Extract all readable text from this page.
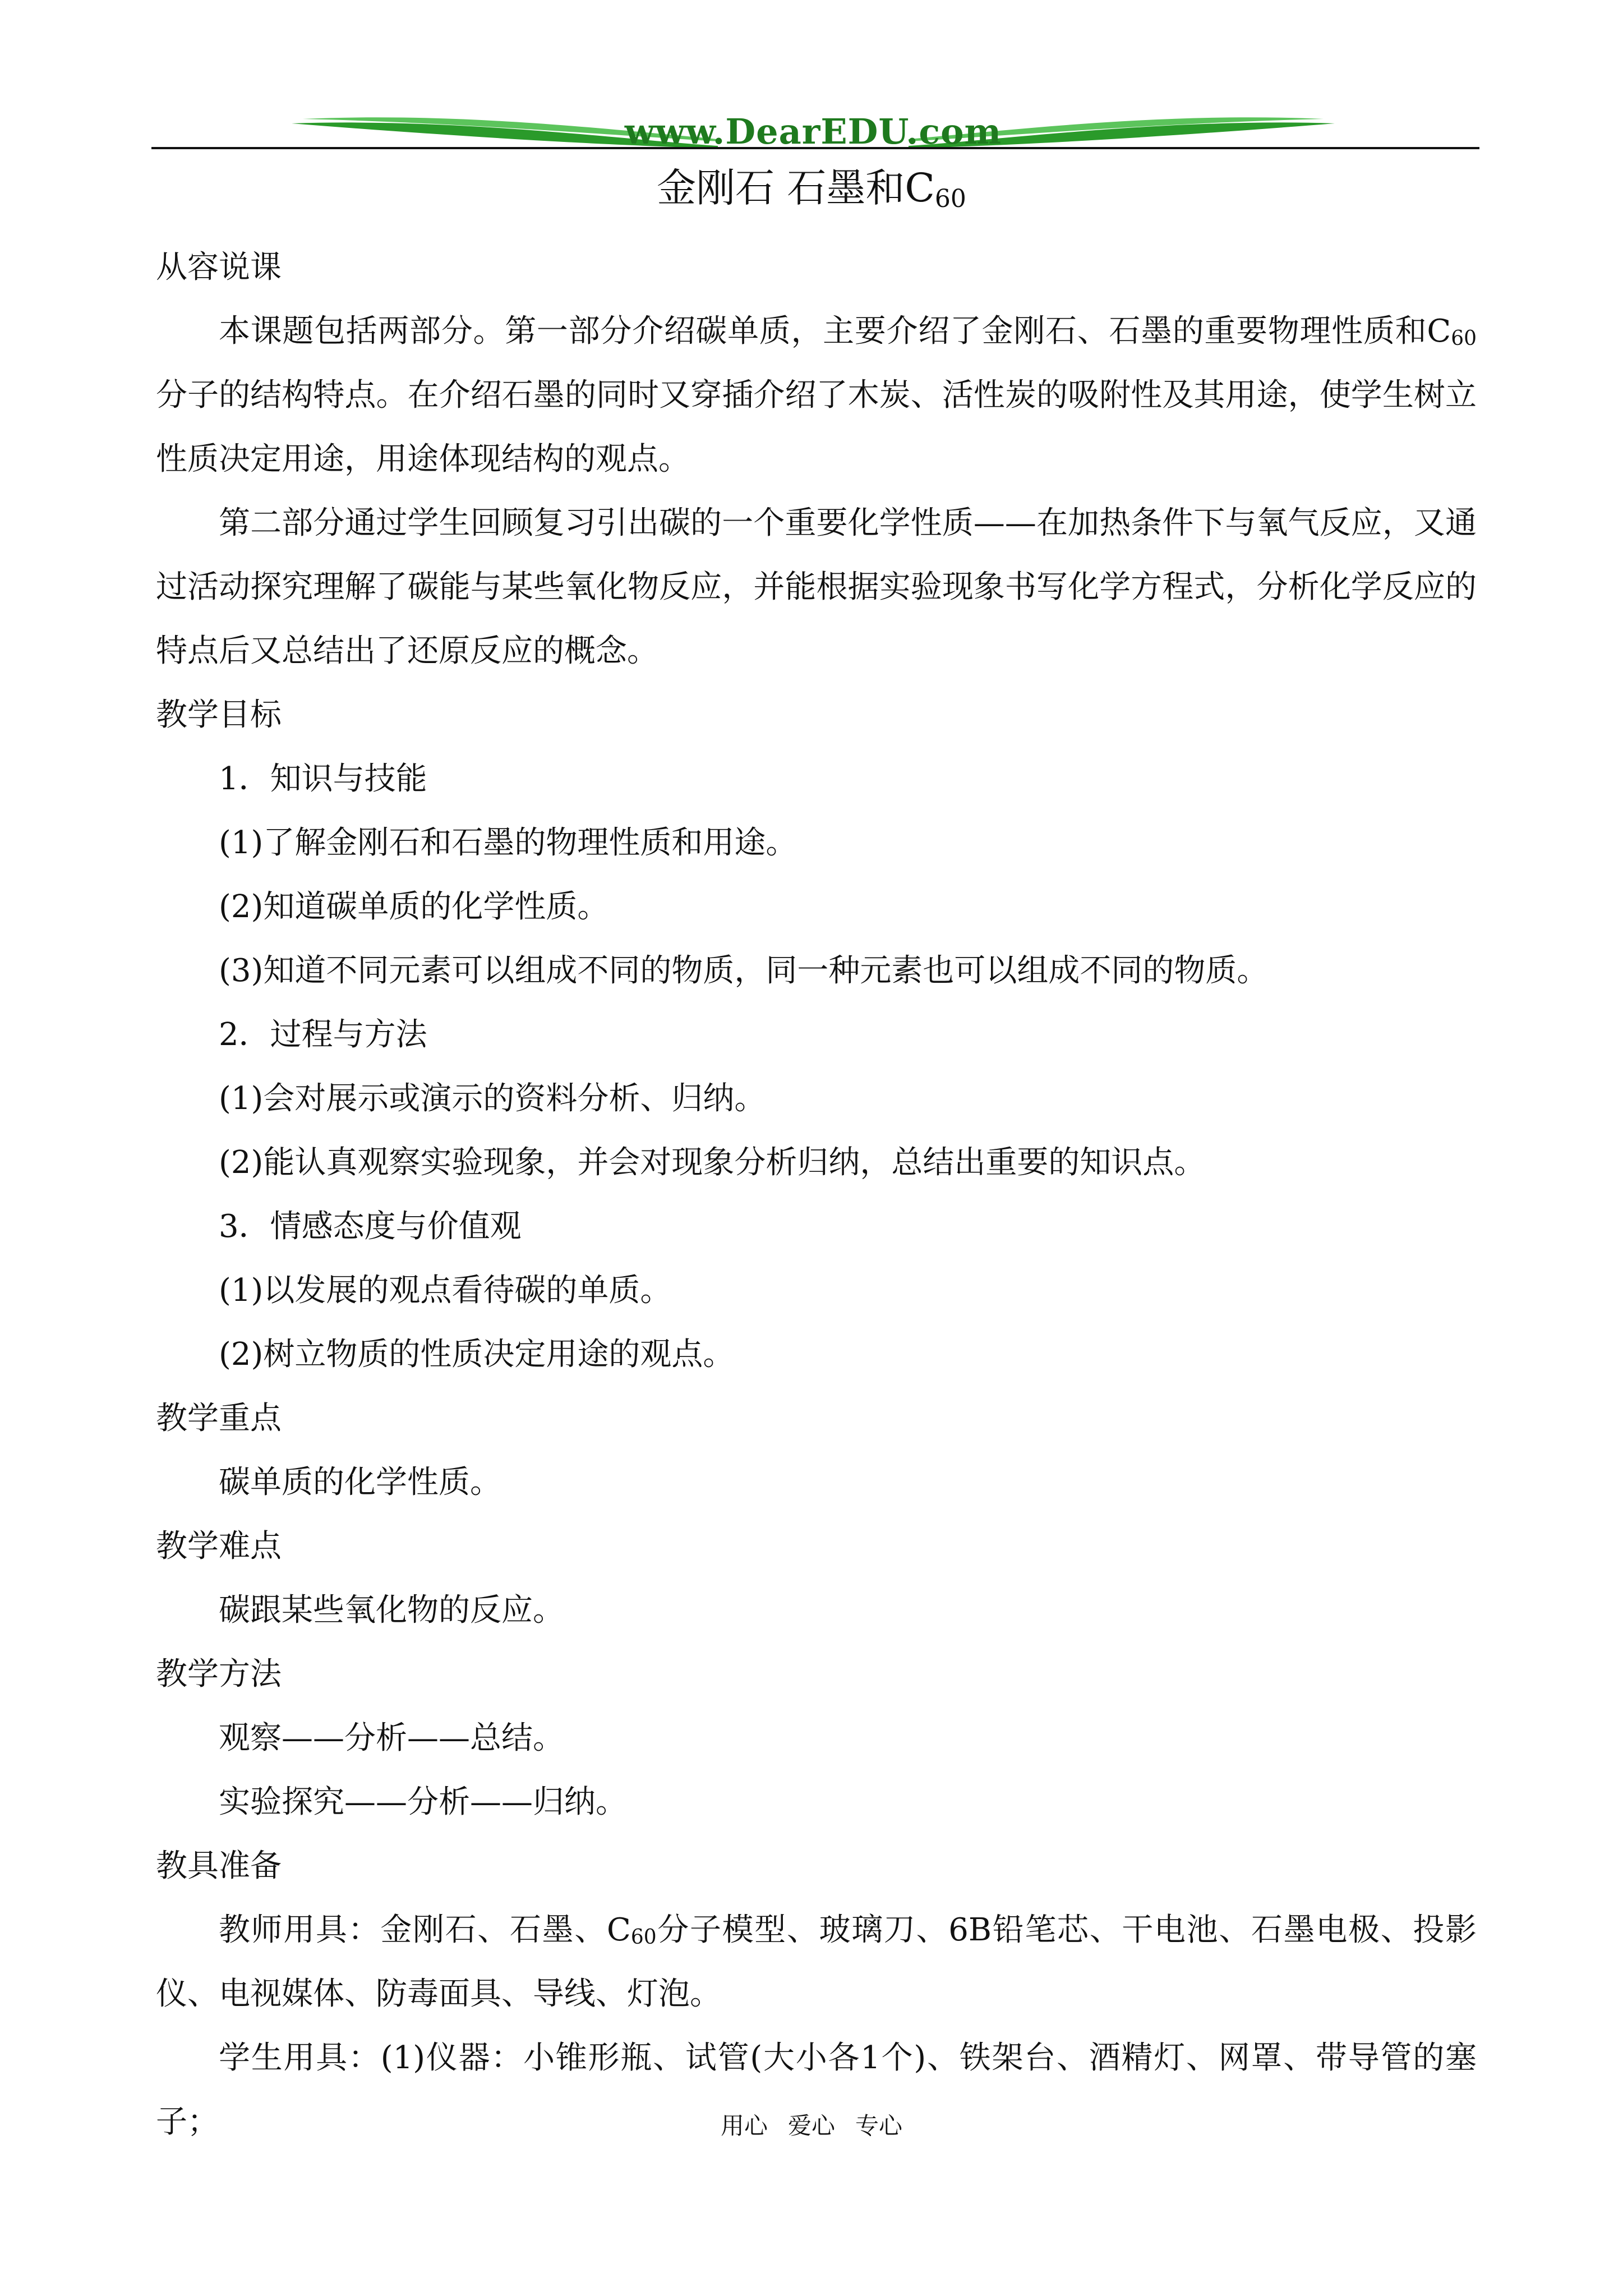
www.DearEDU.com
金刚石 石墨和$C_{60}$
从容说课

本课题包括两部分。第一部分介绍碳单质，主要介绍了金刚石、石墨的重要物理性质和$C_{60}$分子的结构特点。在介绍石墨的同时又穿插介绍了木炭、活性炭的吸附性及其用途，使学生树立性质决定用途，用途体现结构的观点。

第二部分通过学生回顾复习引出碳的一个重要化学性质——在加热条件下与氧气反应，又通过活动探究理解了碳能与某些氧化物反应，并能根据实验现象书写化学方程式，分析化学反应的特点后又总结出了还原反应的概念。

教学目标
1．知识与技能
(1)了解金刚石和石墨的物理性质和用途。
(2)知道碳单质的化学性质。
(3)知道不同元素可以组成不同的物质，同一种元素也可以组成不同的物质。
2．过程与方法
(1)会对展示或演示的资料分析、归纳。
(2)能认真观察实验现象，并会对现象分析归纳，总结出重要的知识点。
3．情感态度与价值观
(1)以发展的观点看待碳的单质。
(2)树立物质的性质决定用途的观点。
教学重点
碳单质的化学性质。
教学难点
碳跟某些氧化物的反应。
教学方法
观察——分析——总结。
实验探究——分析——归纳。
教具准备

教师用具：金刚石、石墨、$C_{60}$分子模型、玻璃刀、6B铅笔芯、干电池、石墨电极、投影仪、电视媒体、防毒面具、导线、灯泡。

学生用具：(1)仪器：小锥形瓶、试管(大小各1个)、铁架台、酒精灯、网罩、带导管的塞子；	用心 爱心 专心
